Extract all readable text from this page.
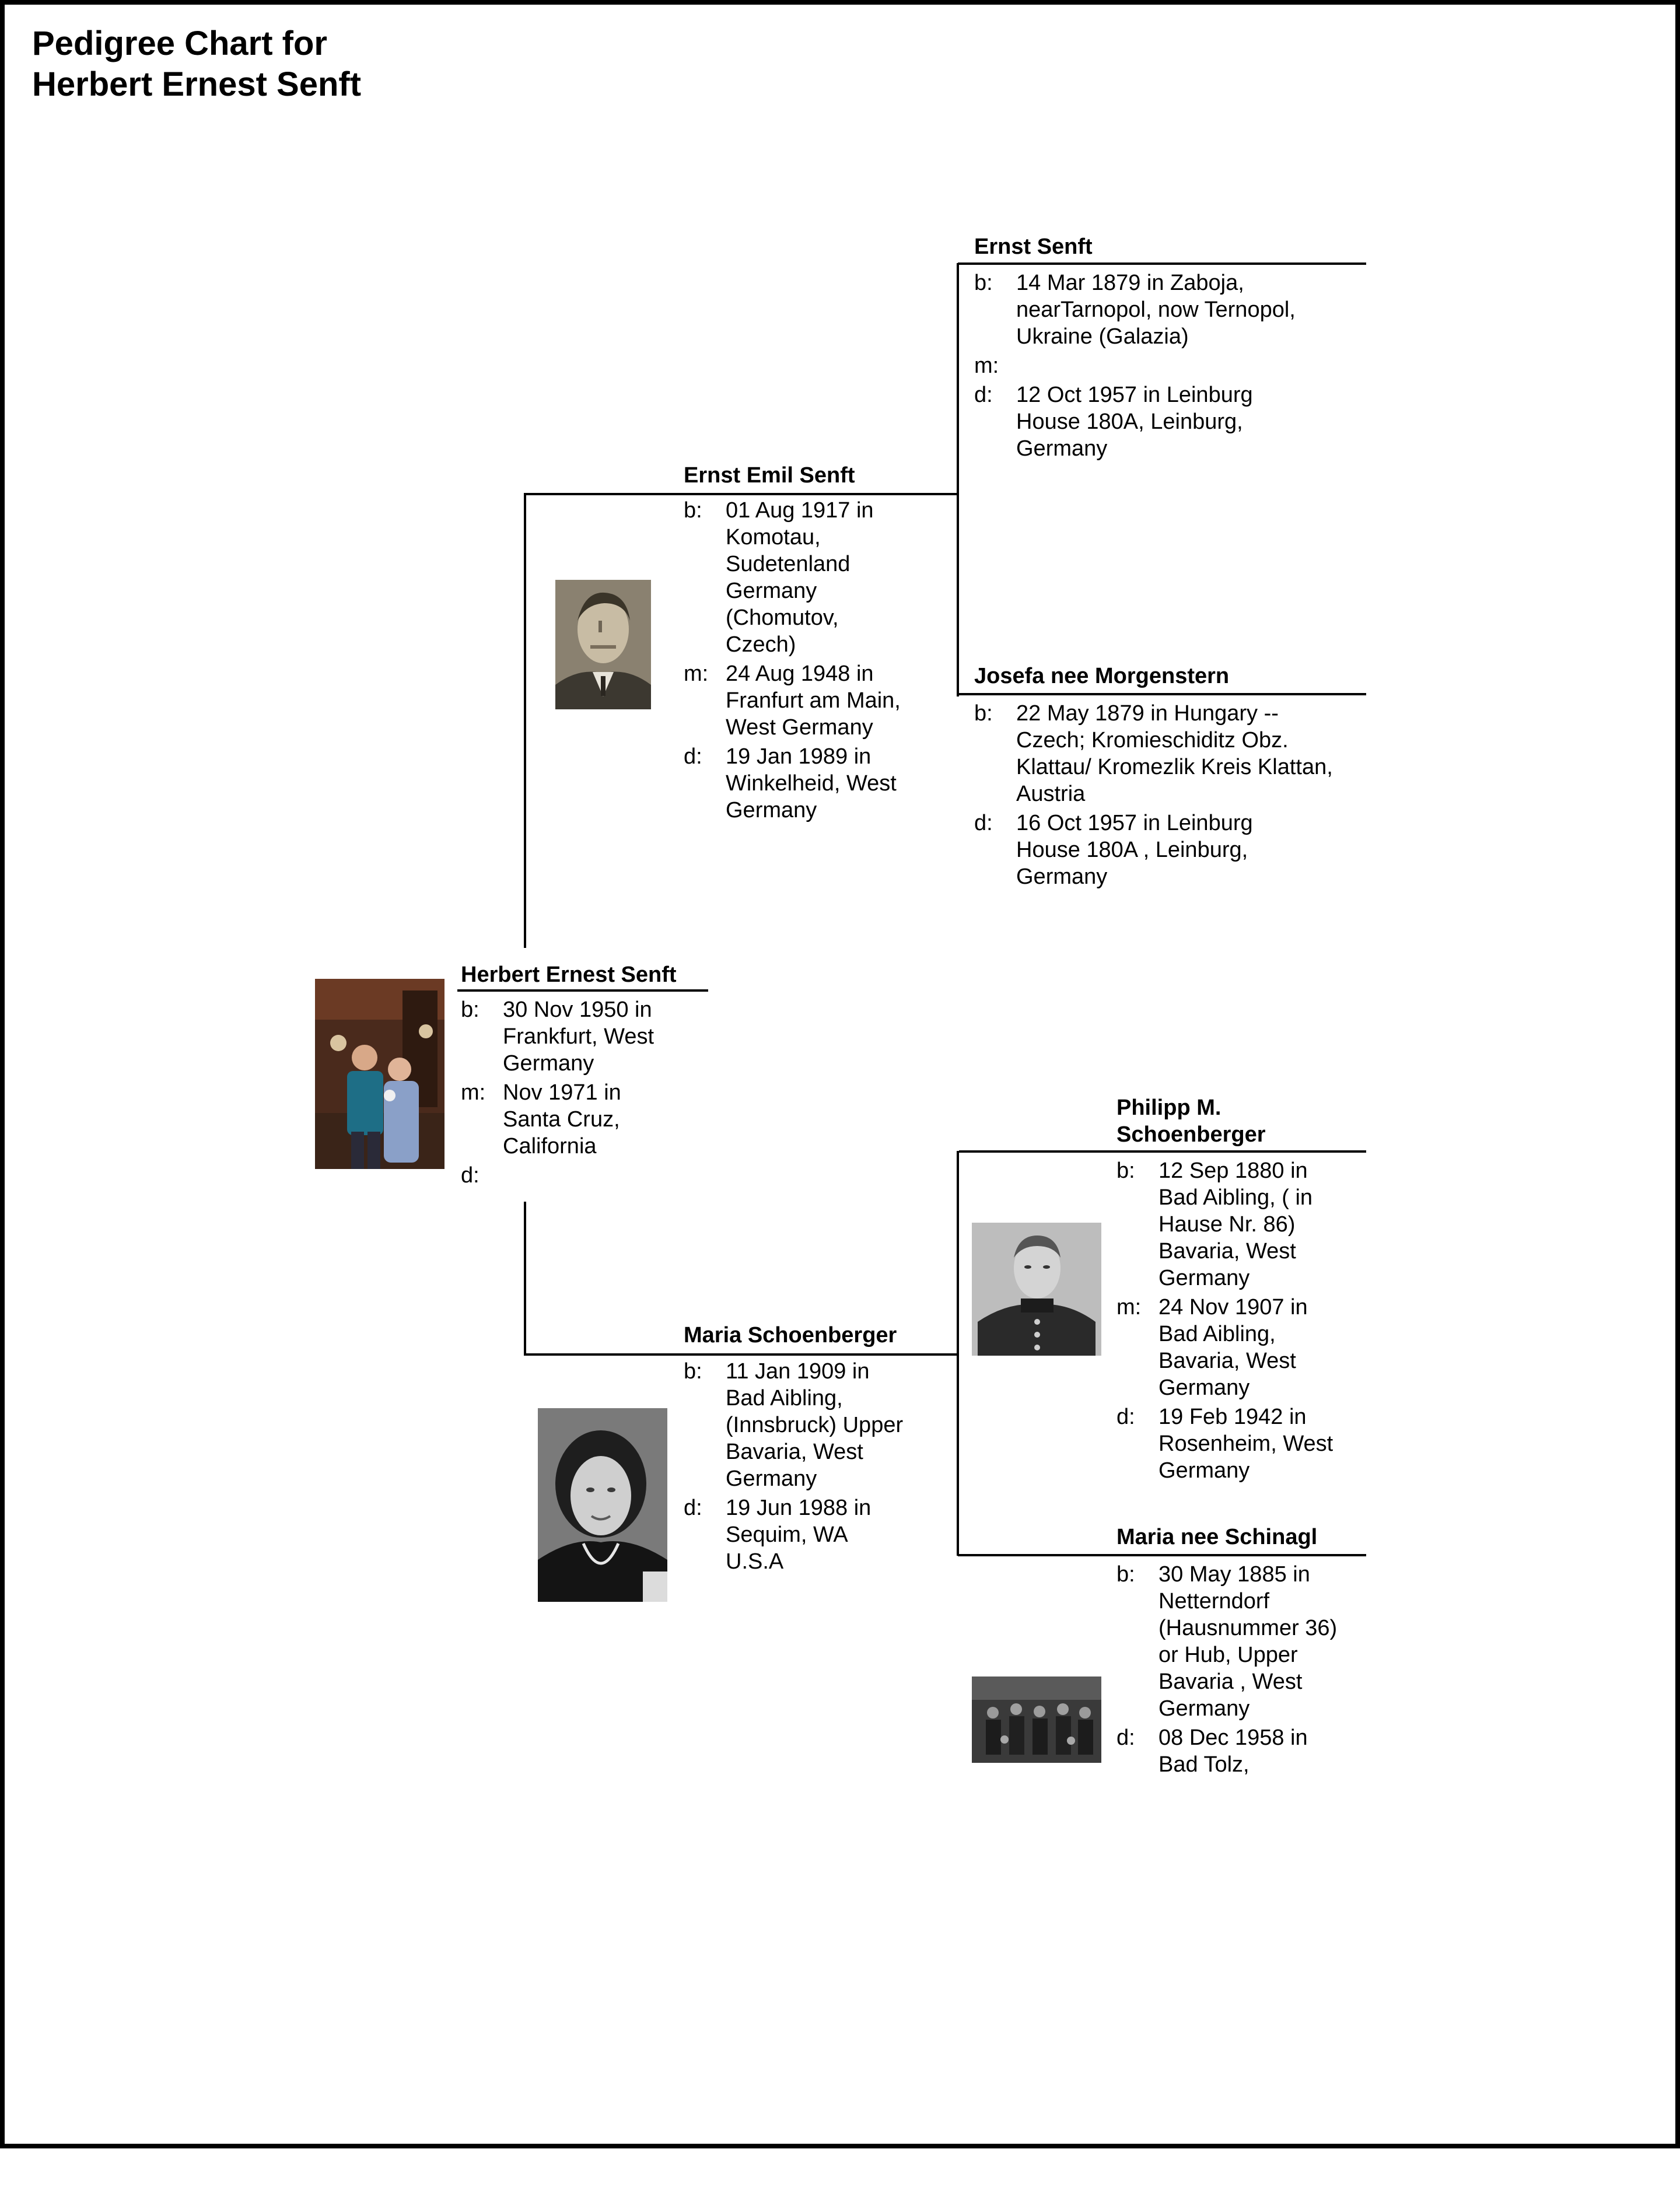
Pedigree Chart for
Herbert Ernest Senft
Herbert Ernest Senft
b:	30 Nov 1950 in
Frankfurt, West
Germany
m: Nov 1971 in
Santa Cruz,
California
d:
Ernst Emil Senft
b:	01 Aug 1917 in
Komotau,
Sudetenland
Germany
(Chomutov,
Czech)
m: 24 Aug 1948 in
Franfurt am Main,
West Germany
d:	19 Jan 1989 in
Winkelheid, West
Germany
Maria Schoenberger
b:	11 Jan 1909 in
Bad Aibling,
(Innsbruck) Upper
Bavaria, West
Germany
d:	19 Jun 1988 in
Sequim, WA
U.S.A
Ernst Senft
b:	14 Mar 1879 in Zaboja,
nearTarnopol, now Ternopol,
Ukraine (Galazia)
m:
d:	12 Oct 1957 in Leinburg
House 180A, Leinburg,
Germany
Josefa nee Morgenstern
b:	22 May 1879 in Hungary --
Czech; Kromieschiditz Obz.
Klattau/ Kromezlik Kreis Klattan,
Austria
d:	16 Oct 1957 in Leinburg
House 180A , Leinburg,
Germany
Philipp M.
Schoenberger
b:	12 Sep 1880 in
Bad Aibling, ( in
Hause Nr. 86)
Bavaria, West
Germany
m: 24 Nov 1907 in
Bad Aibling,
Bavaria, West
Germany
d:	19 Feb 1942 in
Rosenheim, West
Germany
Maria nee Schinagl
b:	30 May 1885 in
Netterndorf
(Hausnummer 36)
or Hub, Upper
Bavaria , West
Germany
d:	08 Dec 1958 in
Bad Tolz,
